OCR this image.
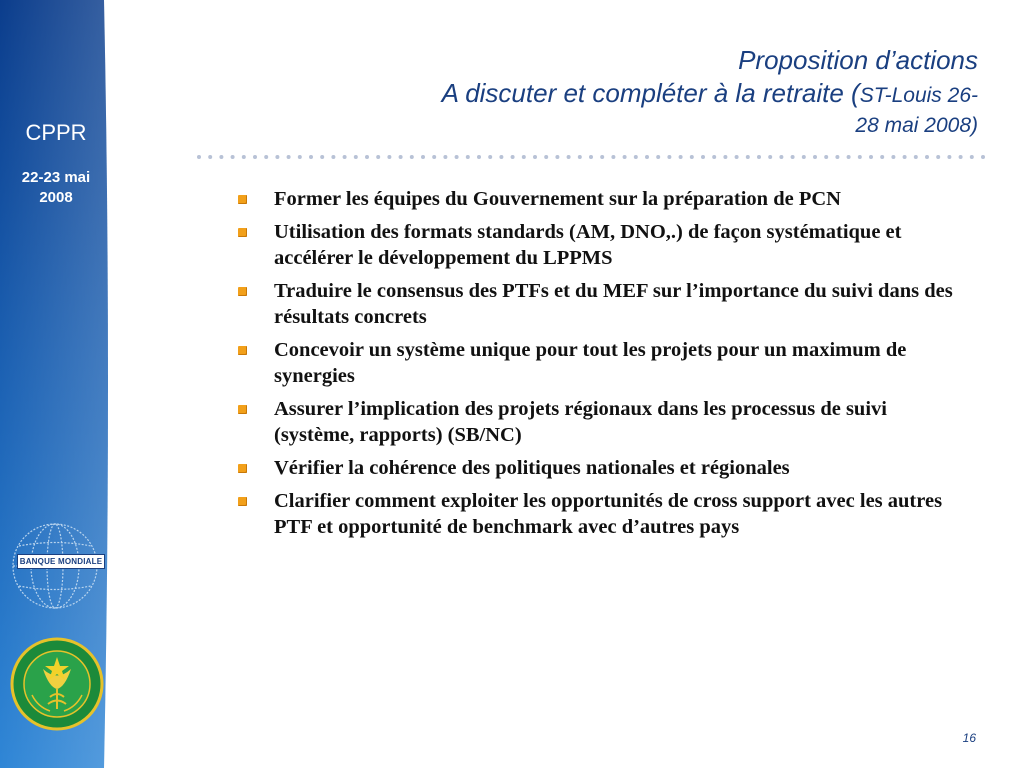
CPPR
22-23 mai
2008
BANQUE MONDIALE
Proposition d’actions
A discuter et compléter à la retraite (ST-Louis 26-
28 mai 2008)
Former les équipes du Gouvernement sur la préparation de PCN
Utilisation des formats standards (AM, DNO,.) de façon systématique et accélérer le développement du LPPMS
Traduire le consensus des PTFs et du MEF sur l’importance du suivi dans des résultats concrets
Concevoir un système unique pour tout les projets pour un maximum de synergies
Assurer l’implication des projets régionaux dans les processus de suivi (système, rapports) (SB/NC)
Vérifier la cohérence des politiques nationales et régionales
Clarifier comment exploiter les opportunités de cross support avec les autres PTF et opportunité de benchmark avec d’autres pays
16
